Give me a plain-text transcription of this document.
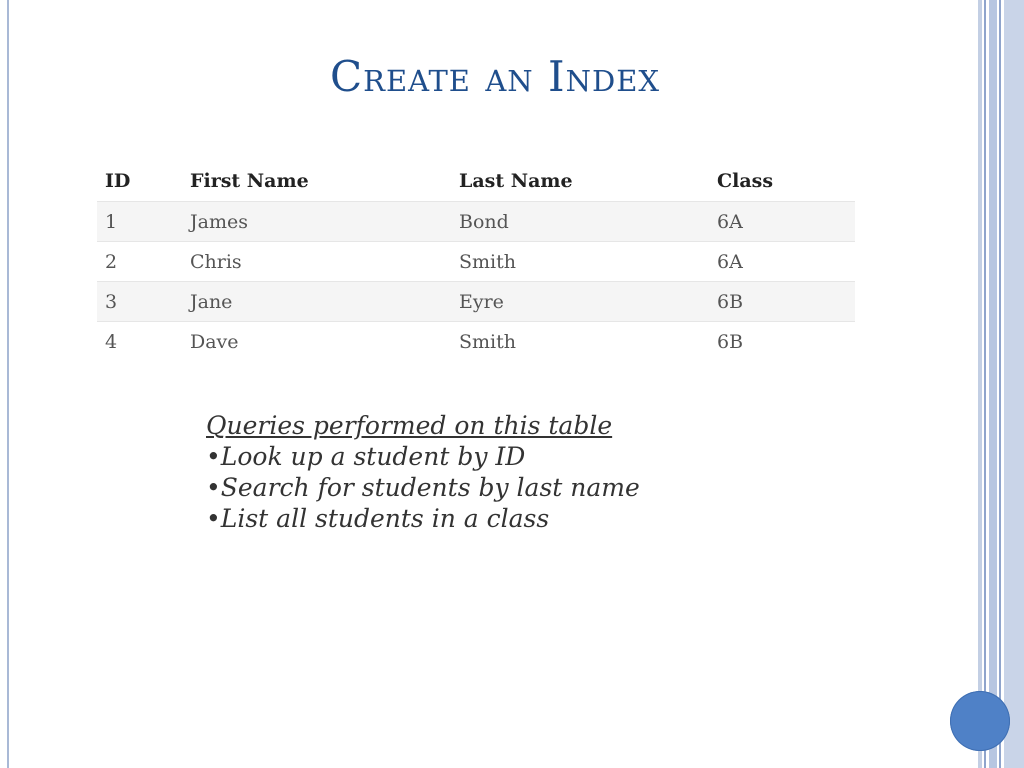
Create an Index
ID	First Name	Last Name	Class
1	James	Bond	6A
2	Chris	Smith	6A
3	Jane	Eyre	6B
4	Dave	Smith	6B
Queries performed on this table
•Look up a student by ID
•Search for students by last name
•List all students in a class
